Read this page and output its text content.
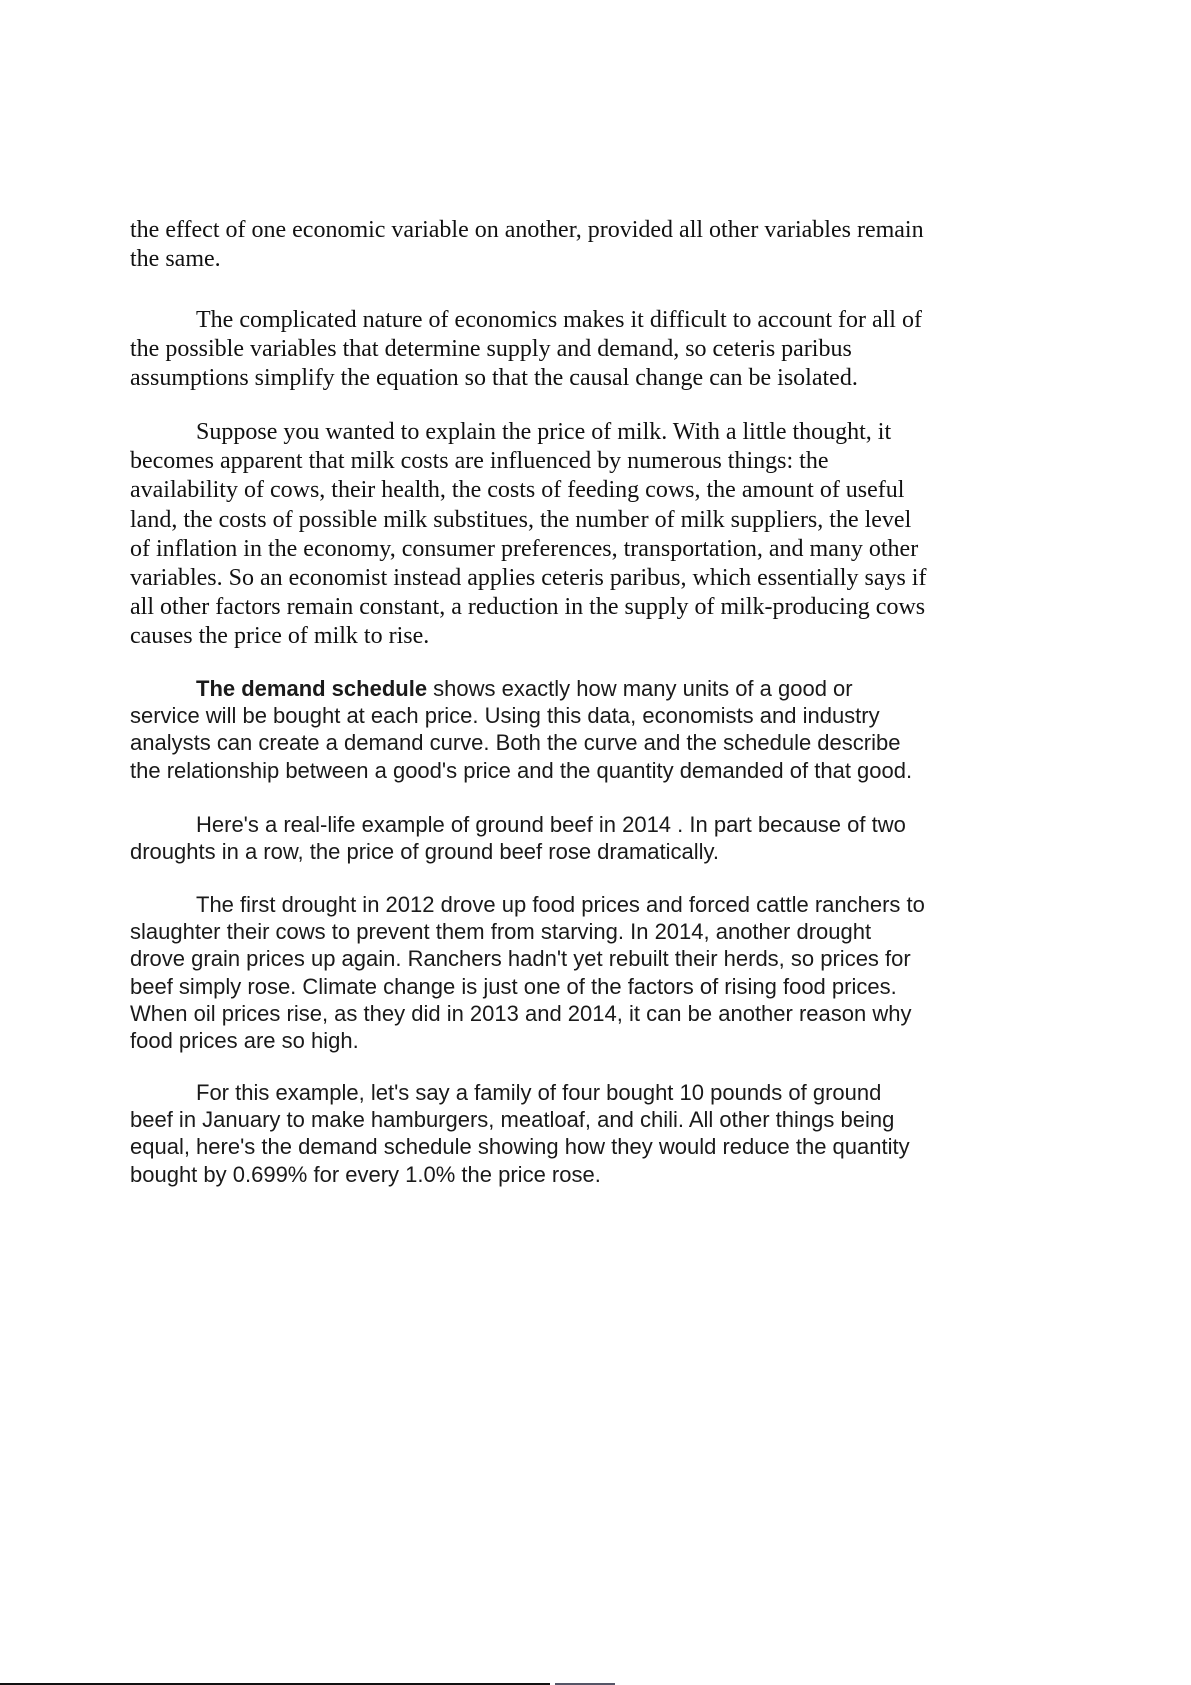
the effect of one economic variable on another, provided all other variables remain
the same.
The complicated nature of economics makes it difficult to account for all of
the possible variables that determine supply and demand, so ceteris paribus
assumptions simplify the equation so that the causal change can be isolated.
Suppose you wanted to explain the price of milk. With a little thought, it
becomes apparent that milk costs are influenced by numerous things: the
availability of cows, their health, the costs of feeding cows, the amount of useful
land, the costs of possible milk substitues, the number of milk suppliers, the level
of inflation in the economy, consumer preferences, transportation, and many other
variables. So an economist instead applies ceteris paribus, which essentially says if
all other factors remain constant, a reduction in the supply of milk-producing cows
causes the price of milk to rise.
The demand schedule shows exactly how many units of a good or
service will be bought at each price. Using this data, economists and industry
analysts can create a demand curve. Both the curve and the schedule describe
the relationship between a good's price and the quantity demanded of that good.
Here's a real-life example of ground beef in 2014 . In part because of two
droughts in a row, the price of ground beef rose dramatically.
The first drought in 2012 drove up food prices and forced cattle ranchers to
slaughter their cows to prevent them from starving. In 2014, another drought
drove grain prices up again. Ranchers hadn't yet rebuilt their herds, so prices for
beef simply rose. Climate change is just one of the factors of rising food prices.
When oil prices rise, as they did in 2013 and 2014, it can be another reason why
food prices are so high.
For this example, let's say a family of four bought 10 pounds of ground
beef in January to make hamburgers, meatloaf, and chili. All other things being
equal, here's the demand schedule showing how they would reduce the quantity
bought by 0.699% for every 1.0% the price rose.
